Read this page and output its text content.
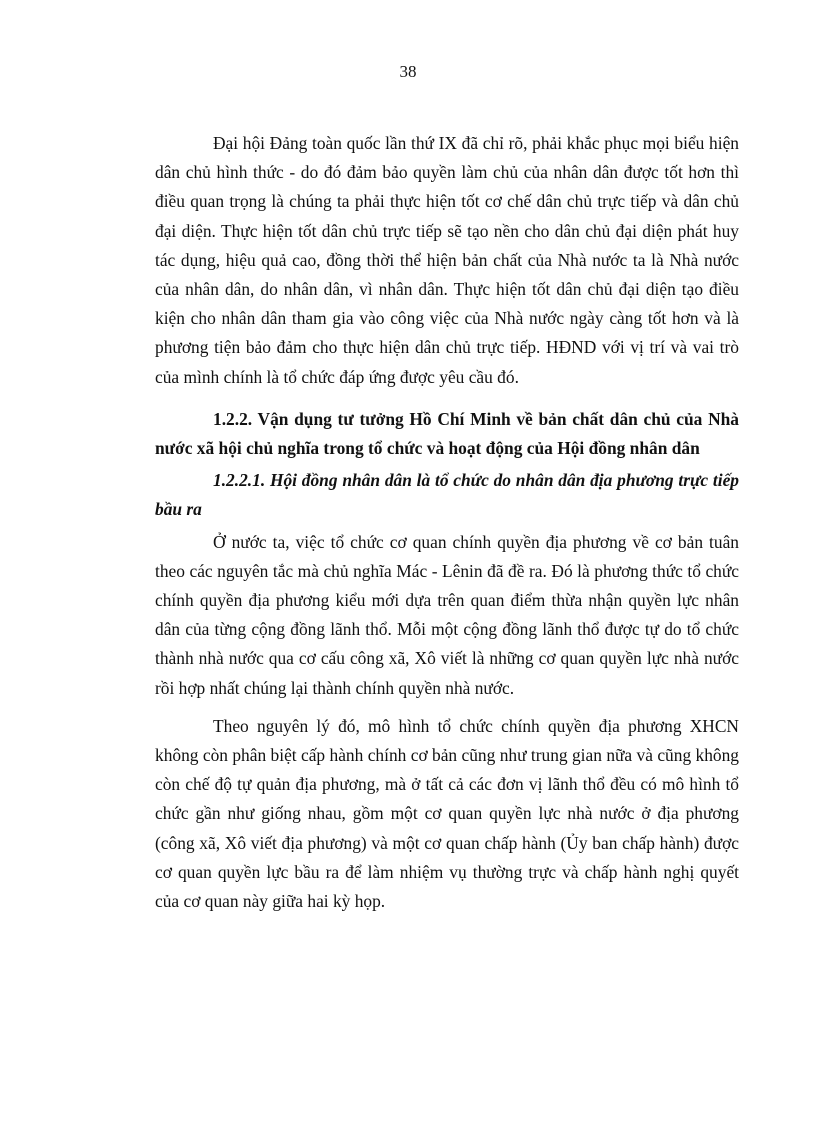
38

Đại hội Đảng toàn quốc lần thứ IX đã chỉ rõ, phải khắc phục mọi biểu hiện dân chủ hình thức - do đó đảm bảo quyền làm chủ của nhân dân được tốt hơn thì điều quan trọng là chúng ta phải thực hiện tốt cơ chế dân chủ trực tiếp và dân chủ đại diện. Thực hiện tốt dân chủ trực tiếp sẽ tạo nền cho dân chủ đại diện phát huy tác dụng, hiệu quả cao, đồng thời thể hiện bản chất của Nhà nước ta là Nhà nước của nhân dân, do nhân dân, vì nhân dân. Thực hiện tốt dân chủ đại diện tạo điều kiện cho nhân dân tham gia vào công việc của Nhà nước ngày càng tốt hơn và là phương tiện bảo đảm cho thực hiện dân chủ trực tiếp. HĐND với vị trí và vai trò của mình chính là tổ chức đáp ứng được yêu cầu đó.

1.2.2. Vận dụng tư tưởng Hồ Chí Minh về bản chất dân chủ của Nhà nước xã hội chủ nghĩa trong tổ chức và hoạt động của Hội đồng nhân dân

1.2.2.1. Hội đồng nhân dân là tổ chức do nhân dân địa phương trực tiếp bầu ra

Ở nước ta, việc tổ chức cơ quan chính quyền địa phương về cơ bản tuân theo các nguyên tắc mà chủ nghĩa Mác - Lênin đã đề ra. Đó là phương thức tổ chức chính quyền địa phương kiểu mới dựa trên quan điểm thừa nhận quyền lực nhân dân của từng cộng đồng lãnh thổ. Mỗi một cộng đồng lãnh thổ được tự do tổ chức thành nhà nước qua cơ cấu công xã, Xô viết là những cơ quan quyền lực nhà nước rồi hợp nhất chúng lại thành chính quyền nhà nước.

Theo nguyên lý đó, mô hình tổ chức chính quyền địa phương XHCN không còn phân biệt cấp hành chính cơ bản cũng như trung gian nữa và cũng không còn chế độ tự quản địa phương, mà ở tất cả các đơn vị lãnh thổ đều có mô hình tổ chức gần như giống nhau, gồm một cơ quan quyền lực nhà nước ở địa phương (công xã, Xô viết địa phương) và một cơ quan chấp hành (Ủy ban chấp hành) được cơ quan quyền lực bầu ra để làm nhiệm vụ thường trực và chấp hành nghị quyết của cơ quan này giữa hai kỳ họp.
